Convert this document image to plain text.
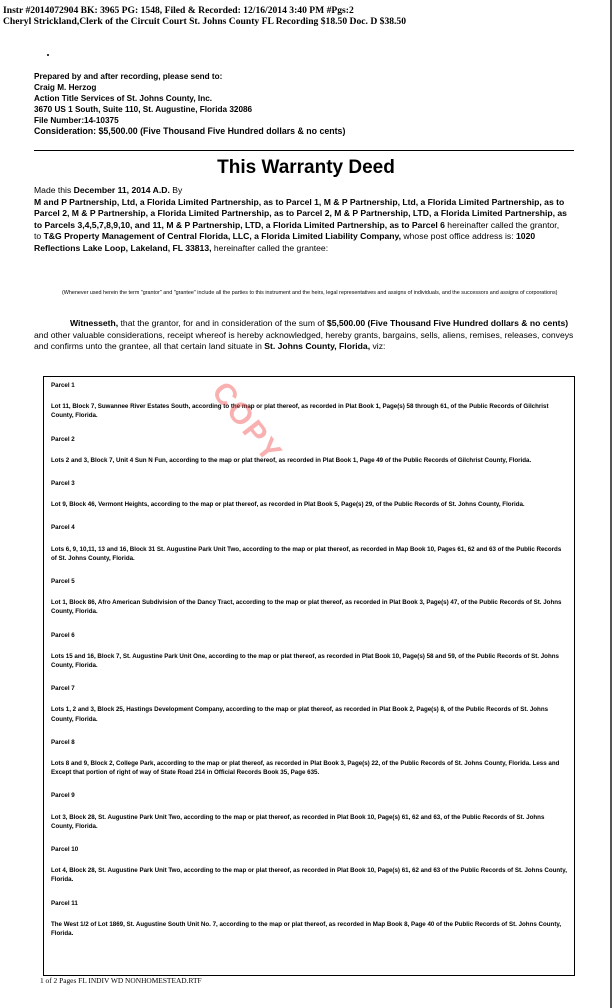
Instr #2014072904 BK: 3965 PG: 1548, Filed & Recorded: 12/16/2014 3:40 PM #Pgs:2
Cheryl Strickland,Clerk of the Circuit Court St. Johns County FL Recording $18.50 Doc. D $38.50
Prepared by and after recording, please send to:
Craig M. Herzog
Action Title Services of St. Johns County, Inc.
3670 US 1 South, Suite 110, St. Augustine, Florida 32086
File Number:14-10375
Consideration: $5,500.00 (Five Thousand Five Hundred dollars & no cents)
This Warranty Deed

Made this December 11, 2014 A.D. By

M and P Partnership, Ltd, a Florida Limited Partnership, as to Parcel 1, M & P Partnership, Ltd, a Florida Limited Partnership, as to Parcel 2, M & P Partnership, a Florida Limited Partnership, as to Parcel 2, M & P Partnership, LTD, a Florida Limited Partnership, as to Parcels 3,4,5,7,8,9,10, and 11, M & P Partnership, LTD, a Florida Limited Partnership, as to Parcel 6 hereinafter called the grantor,

to T&G Property Management of Central Florida, LLC, a Florida Limited Liability Company, whose post office address is: 1020 Reflections Lake Loop, Lakeland, FL 33813, hereinafter called the grantee:

(Whenever used herein the term "grantor" and "grantee" include all the parties to this instrument and the heirs, legal representatives and assigns of individuals, and the successors and assigns of corporations)
Witnesseth, that the grantor, for and in consideration of the sum of $5,500.00 (Five Thousand Five Hundred dollars & no cents) and other valuable considerations, receipt whereof is hereby acknowledged, hereby grants, bargains, sells, aliens, remises, releases, conveys and confirms unto the grantee, all that certain land situate in St. Johns County, Florida, viz:
Parcel 1
Lot 11, Block 7, Suwannee River Estates South, according to the map or plat thereof, as recorded in Plat Book 1, Page(s) 58 through 61, of the Public Records of Gilchrist County, Florida.
Parcel 2
Lots 2 and 3, Block 7, Unit 4 Sun N Fun, according to the map or plat thereof, as recorded in Plat Book 1, Page 49 of the Public Records of Gilchrist County, Florida.
Parcel 3
Lot 9, Block 46, Vermont Heights, according to the map or plat thereof, as recorded in Plat Book 5, Page(s) 29, of the Public Records of St. Johns County, Florida.
Parcel 4
Lots 6, 9, 10,11, 13 and 16, Block 31 St. Augustine Park Unit Two, according to the map or plat thereof, as recorded in Map Book 10, Pages 61, 62 and 63 of the Public Records of St. Johns County, Florida.
Parcel 5
Lot 1, Block 86, Afro American Subdivision of the Dancy Tract, according to the map or plat thereof, as recorded in Plat Book 3, Page(s) 47, of the Public Records of St. Johns County, Florida.
Parcel 6
Lots 15 and 16, Block 7, St. Augustine Park Unit One, according to the map or plat thereof, as recorded in Plat Book 10, Page(s) 58 and 59, of the Public Records of St. Johns County, Florida.
Parcel 7
Lots 1, 2 and 3, Block 25, Hastings Development Company, according to the map or plat thereof, as recorded in Plat Book 2, Page(s) 8, of the Public Records of St. Johns County, Florida.
Parcel 8
Lots 8 and 9, Block 2, College Park, according to the map or plat thereof, as recorded in Plat Book 3, Page(s) 22, of the Public Records of St. Johns County, Florida. Less and Except that portion of right of way of State Road 214 in Official Records Book 35, Page 635.
Parcel 9
Lot 3, Block 28, St. Augustine Park Unit Two, according to the map or plat thereof, as recorded in Plat Book 10, Page(s) 61, 62 and 63, of the Public Records of St. Johns County, Florida.
Parcel 10
Lot 4, Block 28, St. Augustine Park Unit Two, according to the map or plat thereof, as recorded in Plat Book 10, Page(s) 61, 62 and 63 of the Public Records of St. Johns County, Florida.
Parcel 11
The West 1/2 of Lot 1869, St. Augustine South Unit No. 7, according to the map or plat thereof, as recorded in Map Book 8, Page 40 of the Public Records of St. Johns County, Florida.
COPY
1 of 2 Pages FL INDIV WD NONHOMESTEAD.RTF
